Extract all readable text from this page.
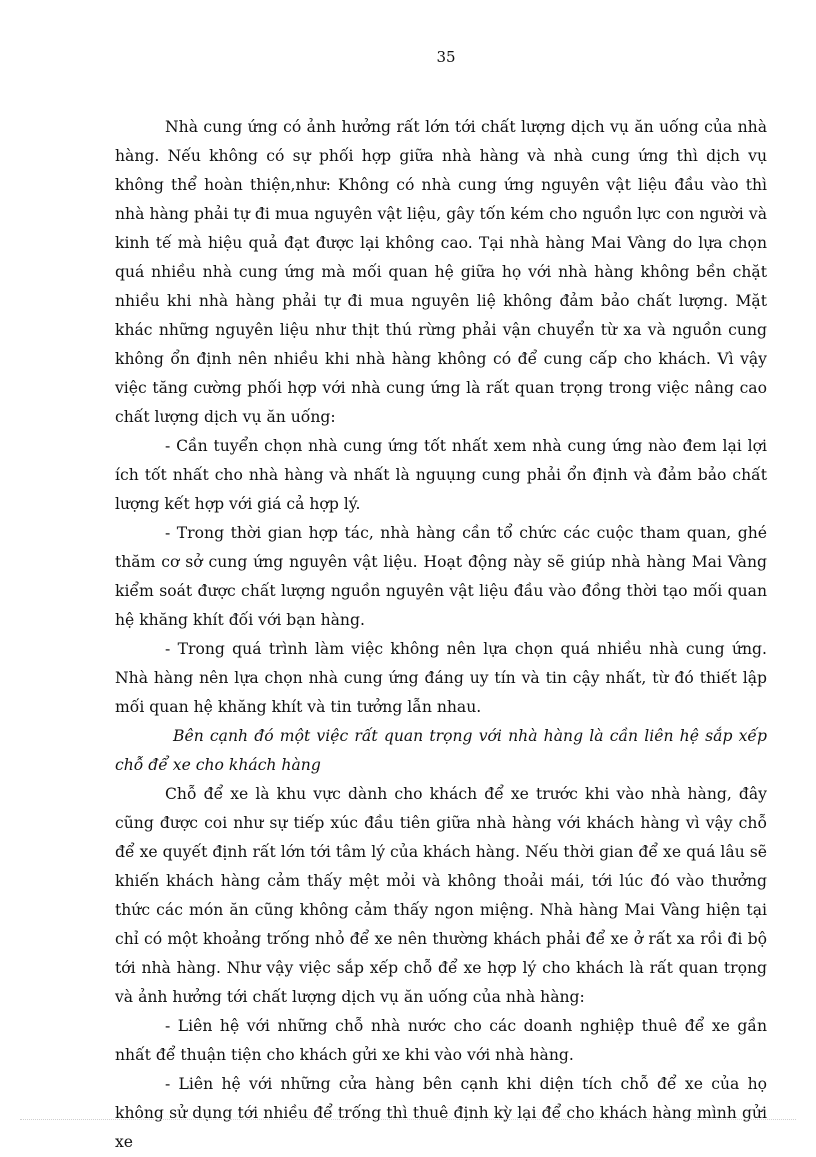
35

Nhà cung ứng có ảnh hưởng rất lớn tới chất lượng dịch vụ ăn uống của nhà hàng. Nếu không có sự phối hợp giữa nhà hàng và nhà cung ứng thì dịch vụ không thể hoàn thiện,như: Không có nhà cung ứng nguyên vật liệu đầu vào thì nhà hàng phải tự đi mua nguyên vật liệu, gây tốn kém cho nguồn lực con người và kinh tế mà hiệu quả đạt được lại không cao. Tại nhà hàng Mai Vàng do lựa chọn quá nhiều nhà cung ứng mà mối quan hệ giữa họ với nhà hàng không bền chặt nhiều khi nhà hàng phải tự đi mua nguyên liệ không đảm bảo chất lượng. Mặt khác những nguyên liệu như thịt thú rừng phải vận chuyển từ xa và nguồn cung không ổn định nên nhiều khi nhà hàng không có để cung cấp cho khách. Vì vậy việc tăng cường phối hợp với nhà cung ứng là rất quan trọng trong việc nâng cao chất lượng dịch vụ ăn uống:

- Cần tuyển chọn nhà cung ứng tốt nhất xem nhà cung ứng nào đem lại lợi ích tốt nhất cho nhà hàng và nhất là nguụng cung phải ổn định và đảm bảo chất lượng kết hợp với giá cả hợp lý.

- Trong thời gian hợp tác, nhà hàng cần tổ chức các cuộc tham quan, ghé thăm cơ sở cung ứng nguyên vật liệu. Hoạt động này sẽ giúp nhà hàng Mai Vàng kiểm soát được chất lượng nguồn nguyên vật liệu đầu vào đồng thời tạo mối quan hệ khăng khít đối với bạn hàng.

- Trong quá trình làm việc không nên lựa chọn quá nhiều nhà cung ứng. Nhà hàng nên lựa chọn nhà cung ứng đáng uy tín và tin cậy nhất, từ đó thiết lập mối quan hệ khăng khít và tin tưởng lẫn nhau.

Bên cạnh đó một việc rất quan trọng với nhà hàng là cần liên hệ sắp xếp chỗ để xe cho khách hàng

Chỗ để xe là khu vực dành cho khách để xe trước khi vào nhà hàng, đây cũng được coi như sự tiếp xúc đầu tiên giữa nhà hàng với khách hàng vì vậy chỗ để xe quyết định rất lớn tới tâm lý của khách hàng. Nếu thời gian để xe quá lâu sẽ khiến khách hàng cảm thấy mệt mỏi và không thoải mái, tới lúc đó vào thưởng thức các món ăn cũng không cảm thấy ngon miệng. Nhà hàng Mai Vàng hiện tại chỉ có một khoảng trống nhỏ để xe nên thường khách phải để xe ở rất xa rồi đi bộ tới nhà hàng. Như vậy việc sắp xếp chỗ để xe hợp lý cho khách là rất quan trọng và ảnh hưởng tới chất lượng dịch vụ ăn uống của nhà hàng:

- Liên hệ với những chỗ nhà nước cho các doanh nghiệp thuê để xe gần nhất để thuận tiện cho khách gửi xe khi vào với nhà hàng.

- Liên hệ với những cửa hàng bên cạnh khi diện tích chỗ để xe của họ không sử dụng tới nhiều để trống thì thuê định kỳ lại để cho khách hàng mình gửi xe
